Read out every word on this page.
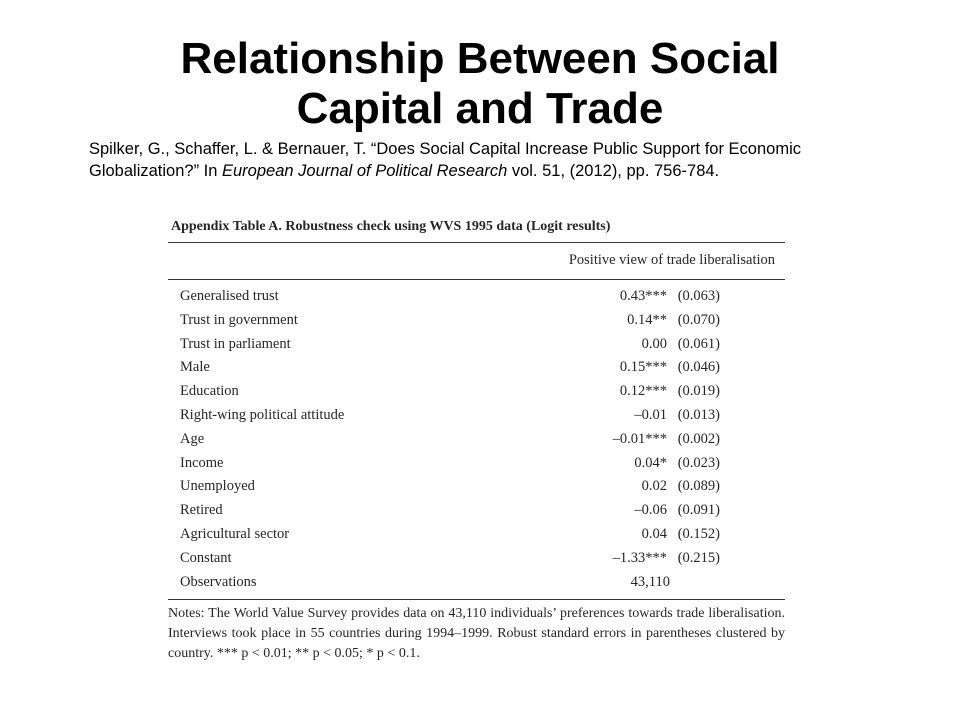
Relationship Between Social
Capital and Trade

Spilker, G., Schaffer, L. & Bernauer, T. “Does Social Capital Increase Public Support for Economic Globalization?” In European Journal of Political Research vol. 51, (2012), pp. 756-784.

Appendix Table A. Robustness check using WVS 1995 data (Logit results)
Positive view of trade liberalisation
Generalised trust	0.43*** (0.063)
Trust in government	0.14** (0.070)
Trust in parliament	0.00 (0.061)
Male	0.15*** (0.046)
Education	0.12*** (0.019)
Right-wing political attitude	–0.01 (0.013)
Age	–0.01*** (0.002)
Income	0.04* (0.023)
Unemployed	0.02 (0.089)
Retired	–0.06 (0.091)
Agricultural sector	0.04 (0.152)
Constant	–1.33*** (0.215)
Observations	43,110
Notes: The World Value Survey provides data on 43,110 individuals’ preferences towards trade liberalisation. Interviews took place in 55 countries during 1994–1999. Robust standard errors in parentheses clustered by country. *** p < 0.01; ** p < 0.05; * p < 0.1.
